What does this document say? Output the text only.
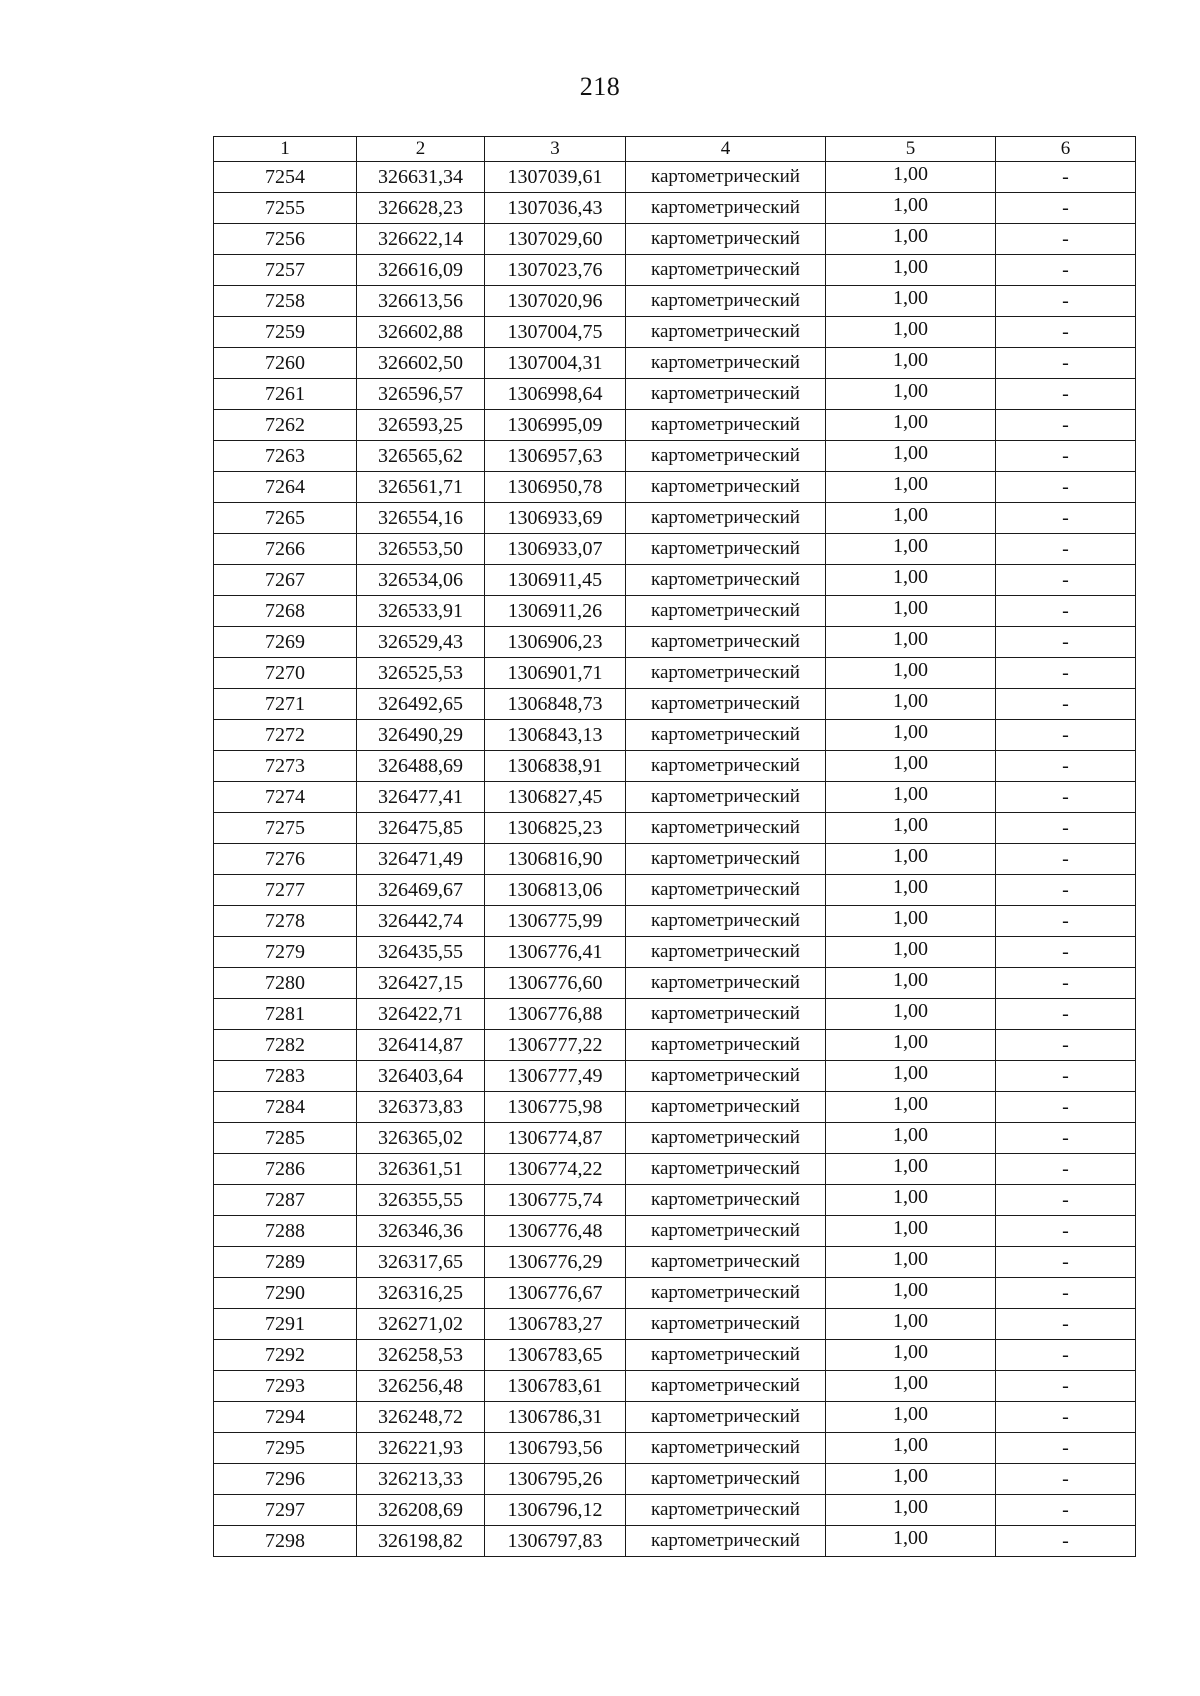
218
1	2	3	4	5	6
7254	326631,34	1307039,61	картометрический	1,00	-
7255	326628,23	1307036,43	картометрический	1,00	-
7256	326622,14	1307029,60	картометрический	1,00	-
7257	326616,09	1307023,76	картометрический	1,00	-
7258	326613,56	1307020,96	картометрический	1,00	-
7259	326602,88	1307004,75	картометрический	1,00	-
7260	326602,50	1307004,31	картометрический	1,00	-
7261	326596,57	1306998,64	картометрический	1,00	-
7262	326593,25	1306995,09	картометрический	1,00	-
7263	326565,62	1306957,63	картометрический	1,00	-
7264	326561,71	1306950,78	картометрический	1,00	-
7265	326554,16	1306933,69	картометрический	1,00	-
7266	326553,50	1306933,07	картометрический	1,00	-
7267	326534,06	1306911,45	картометрический	1,00	-
7268	326533,91	1306911,26	картометрический	1,00	-
7269	326529,43	1306906,23	картометрический	1,00	-
7270	326525,53	1306901,71	картометрический	1,00	-
7271	326492,65	1306848,73	картометрический	1,00	-
7272	326490,29	1306843,13	картометрический	1,00	-
7273	326488,69	1306838,91	картометрический	1,00	-
7274	326477,41	1306827,45	картометрический	1,00	-
7275	326475,85	1306825,23	картометрический	1,00	-
7276	326471,49	1306816,90	картометрический	1,00	-
7277	326469,67	1306813,06	картометрический	1,00	-
7278	326442,74	1306775,99	картометрический	1,00	-
7279	326435,55	1306776,41	картометрический	1,00	-
7280	326427,15	1306776,60	картометрический	1,00	-
7281	326422,71	1306776,88	картометрический	1,00	-
7282	326414,87	1306777,22	картометрический	1,00	-
7283	326403,64	1306777,49	картометрический	1,00	-
7284	326373,83	1306775,98	картометрический	1,00	-
7285	326365,02	1306774,87	картометрический	1,00	-
7286	326361,51	1306774,22	картометрический	1,00	-
7287	326355,55	1306775,74	картометрический	1,00	-
7288	326346,36	1306776,48	картометрический	1,00	-
7289	326317,65	1306776,29	картометрический	1,00	-
7290	326316,25	1306776,67	картометрический	1,00	-
7291	326271,02	1306783,27	картометрический	1,00	-
7292	326258,53	1306783,65	картометрический	1,00	-
7293	326256,48	1306783,61	картометрический	1,00	-
7294	326248,72	1306786,31	картометрический	1,00	-
7295	326221,93	1306793,56	картометрический	1,00	-
7296	326213,33	1306795,26	картометрический	1,00	-
7297	326208,69	1306796,12	картометрический	1,00	-
7298	326198,82	1306797,83	картометрический	1,00	-
